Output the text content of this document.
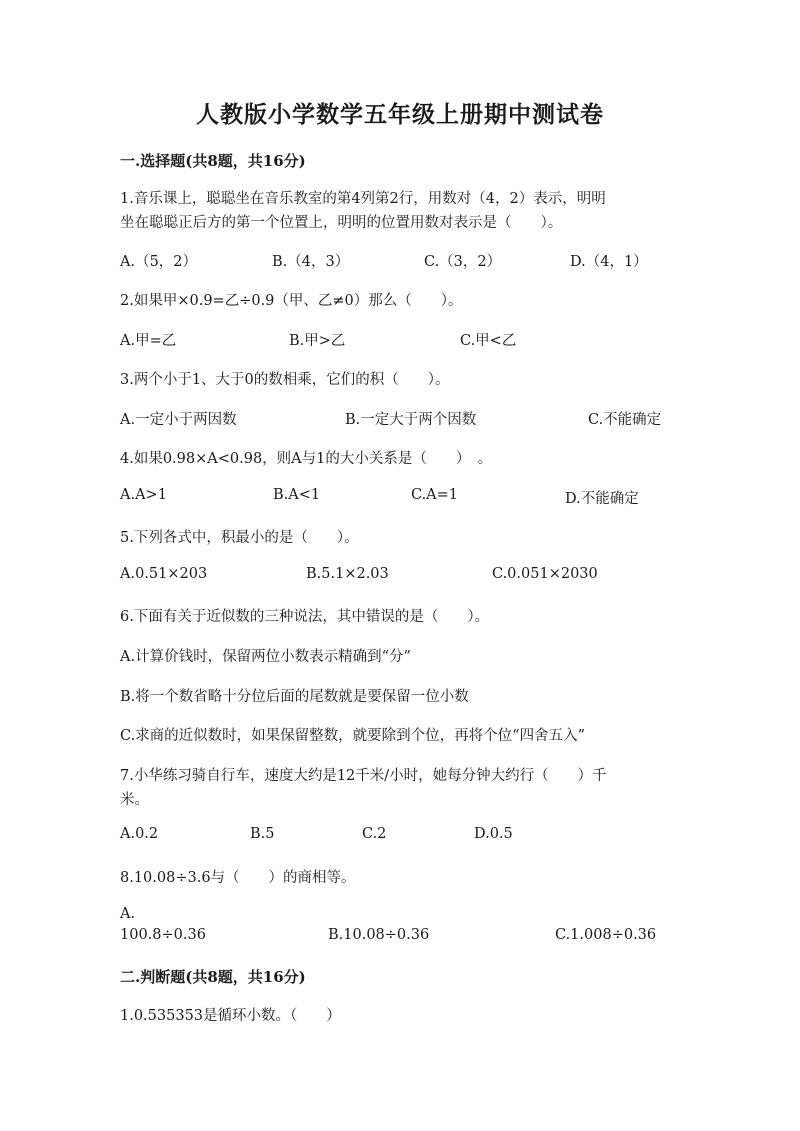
人教版小学数学五年级上册期中测试卷
一.选择题(共8题，共16分)
1.音乐课上，聪聪坐在音乐教室的第4列第2行，用数对（4，2）表示，明明
坐在聪聪正后方的第一个位置上，明明的位置用数对表示是（　　）。
A.（5，2）	B.（4，3）	C.（3，2）	D.（4，1）
2.如果甲×0.9=乙÷0.9（甲、乙≠0）那么（　　）。
A.甲=乙	B.甲>乙	C.甲<乙
3.两个小于1、大于0的数相乘，它们的积（　　）。
A.一定小于两因数	B.一定大于两个因数	C.不能确定
4.如果0.98×A<0.98，则A与1的大小关系是（　　）　。
A.A>1	B.A<1	C.A=1	D.不能确定
5.下列各式中，积最小的是（　　）。
A.0.51×203	B.5.1×2.03	C.0.051×2030
6.下面有关于近似数的三种说法，其中错误的是（　　）。
A.计算价钱时，保留两位小数表示精确到“分”
B.将一个数省略十分位后面的尾数就是要保留一位小数
C.求商的近似数时，如果保留整数，就要除到个位，再将个位“四舍五入”
7.小华练习骑自行车，速度大约是12千米/小时，她每分钟大约行（　　）千
米。
A.0.2	B.5	C.2	D.0.5
8.10.08÷3.6与（　　）的商相等。
A.
100.8÷0.36	B.10.08÷0.36	C.1.008÷0.36
二.判断题(共8题，共16分)
1.0.535353是循环小数。（　　）
